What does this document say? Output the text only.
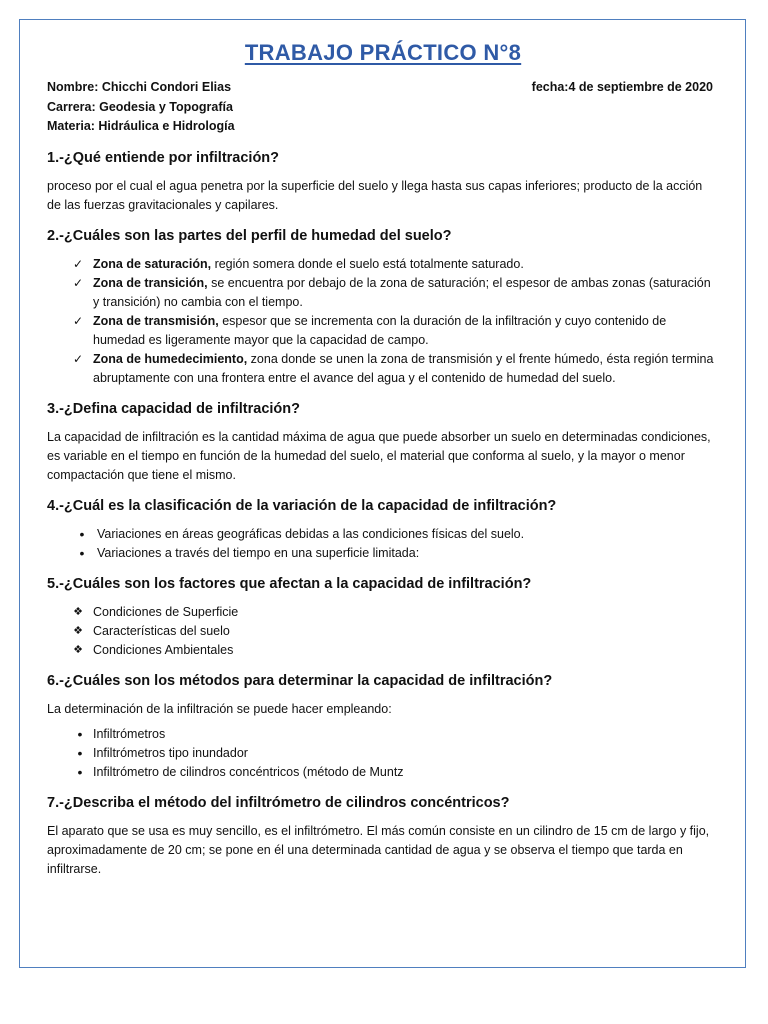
TRABAJO PRÁCTICO N°8
Nombre: Chicchi Condori Elias	fecha:4 de septiembre de 2020
Carrera: Geodesia y Topografía
Materia: Hidráulica e Hidrología
1.-¿Qué entiende por infiltración?

proceso por el cual el agua penetra por la superficie del suelo y llega hasta sus capas inferiores; producto de la acción de las fuerzas gravitacionales y capilares.

2.-¿Cuáles son las partes del perfil de humedad del suelo?
✓ Zona de saturación, región somera donde el suelo está totalmente saturado.
✓ Zona de transición, se encuentra por debajo de la zona de saturación; el espesor de ambas zonas (saturación y transición) no cambia con el tiempo.
✓ Zona de transmisión, espesor que se incrementa con la duración de la infiltración y cuyo contenido de humedad es ligeramente mayor que la capacidad de campo.
✓ Zona de humedecimiento, zona donde se unen la zona de transmisión y el frente húmedo, ésta región termina abruptamente con una frontera entre el avance del agua y el contenido de humedad del suelo.
3.-¿Defina capacidad de infiltración?

La capacidad de infiltración es la cantidad máxima de agua que puede absorber un suelo en determinadas condiciones, es variable en el tiempo en función de la humedad del suelo, el material que conforma al suelo, y la mayor o menor compactación que tiene el mismo.

4.-¿Cuál es la clasificación de la variación de la capacidad de infiltración?
•	Variaciones en áreas geográficas debidas a las condiciones físicas del suelo.
•	Variaciones a través del tiempo en una superficie limitada:
5.-¿Cuáles son los factores que afectan a la capacidad de infiltración?
❖ Condiciones de Superficie
❖ Características del suelo
❖ Condiciones Ambientales
6.-¿Cuáles son los métodos para determinar la capacidad de infiltración?

La determinación de la infiltración se puede hacer empleando:

• Infiltrómetros
• Infiltrómetros tipo inundador
• Infiltrómetro de cilindros concéntricos (método de Muntz
7.-¿Describa el método del infiltrómetro de cilindros concéntricos?

El aparato que se usa es muy sencillo, es el infiltrómetro. El más común consiste en un cilindro de 15 cm de largo y fijo, aproximadamente de 20 cm; se pone en él una determinada cantidad de agua y se observa el tiempo que tarda en infiltrarse.
